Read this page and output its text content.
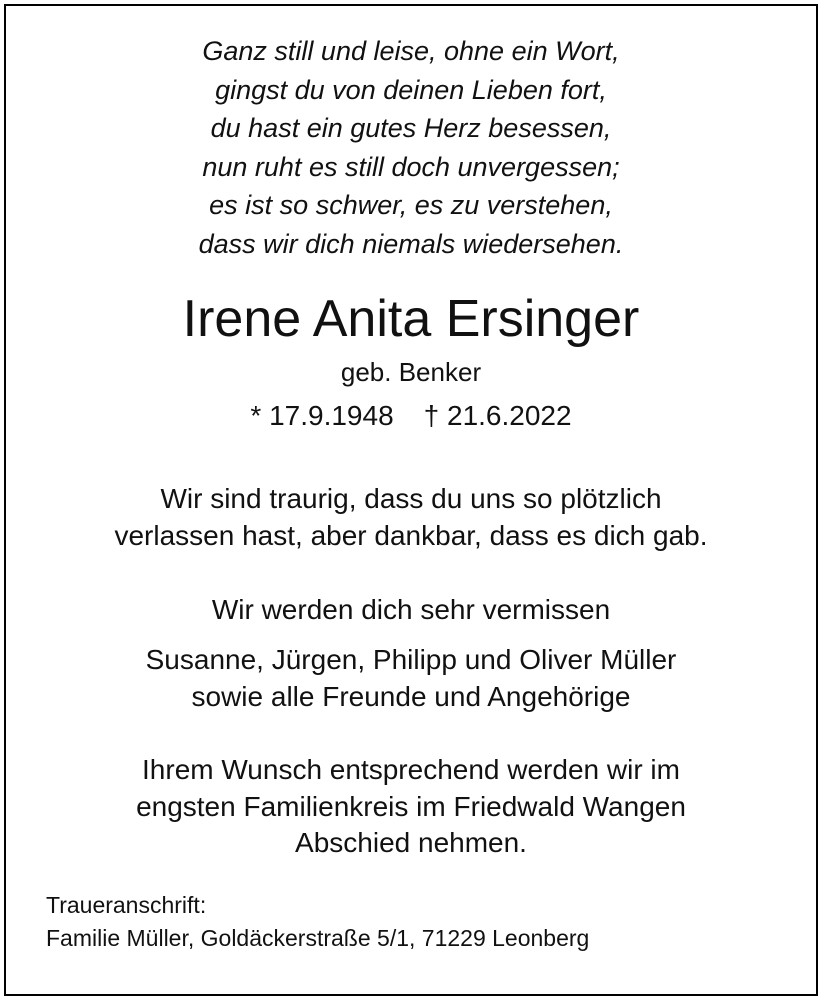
Ganz still und leise, ohne ein Wort,
gingst du von deinen Lieben fort,
du hast ein gutes Herz besessen,
nun ruht es still doch unvergessen;
es ist so schwer, es zu verstehen,
dass wir dich niemals wiedersehen.
Irene Anita Ersinger
geb. Benker
* 17.9.1948 † 21.6.2022
Wir sind traurig, dass du uns so plötzlich
verlassen hast, aber dankbar, dass es dich gab.
Wir werden dich sehr vermissen
Susanne, Jürgen, Philipp und Oliver Müller
sowie alle Freunde und Angehörige
Ihrem Wunsch entsprechend werden wir im
engsten Familienkreis im Friedwald Wangen
Abschied nehmen.
Traueranschrift:
Familie Müller, Goldäckerstraße 5/1, 71229 Leonberg
